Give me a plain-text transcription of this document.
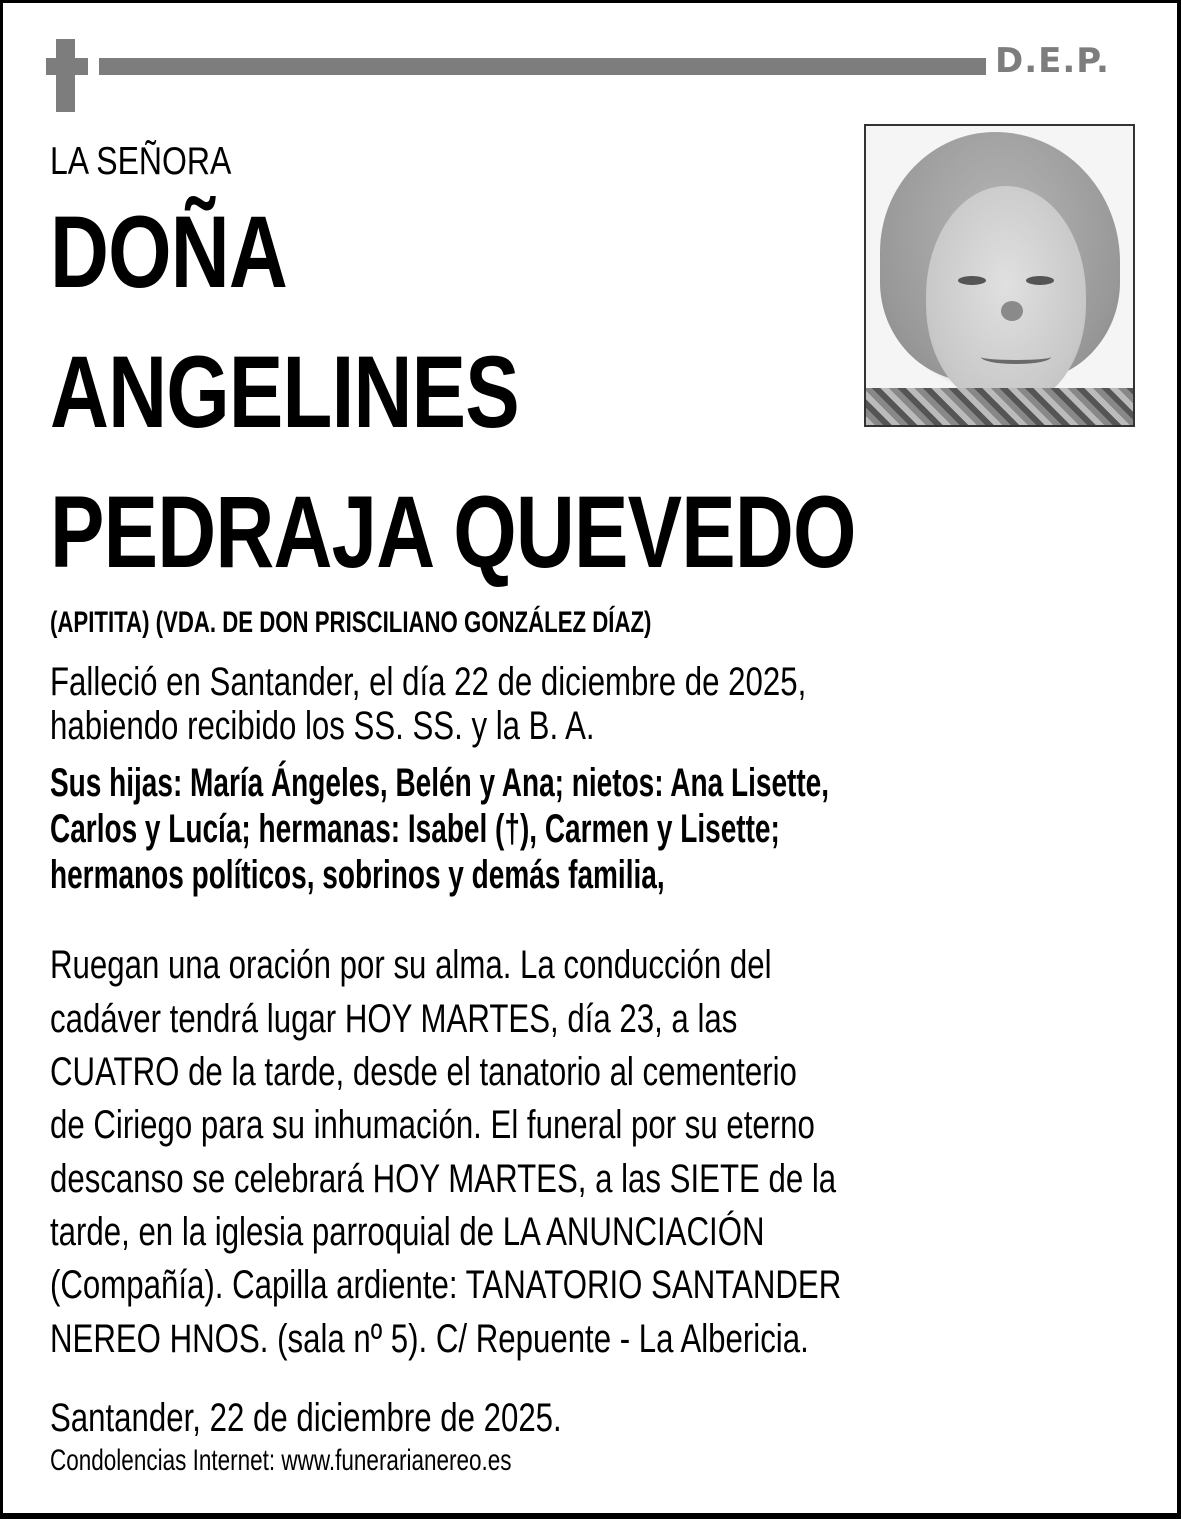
D.E.P.
LA SEÑORA
DOÑA
ANGELINES
PEDRAJA QUEVEDO
(APITITA) (VDA. DE DON PRISCILIANO GONZÁLEZ DÍAZ)
Falleció en Santander, el día 22 de diciembre de 2025,
habiendo recibido los SS. SS. y la B. A.
Sus hijas: María Ángeles, Belén y Ana; nietos: Ana Lisette,
Carlos y Lucía; hermanas: Isabel (†), Carmen y Lisette;
hermanos políticos, sobrinos y demás familia,
Ruegan una oración por su alma. La conducción del
cadáver tendrá lugar HOY MARTES, día 23, a las
CUATRO de la tarde, desde el tanatorio al cementerio
de Ciriego para su inhumación. El funeral por su eterno
descanso se celebrará HOY MARTES, a las SIETE de la
tarde, en la iglesia parroquial de LA ANUNCIACIÓN
(Compañía). Capilla ardiente: TANATORIO SANTANDER
NEREO HNOS. (sala nº 5). C/ Repuente - La Albericia.
Santander, 22 de diciembre de 2025.
Condolencias Internet: www.funerarianereo.es
